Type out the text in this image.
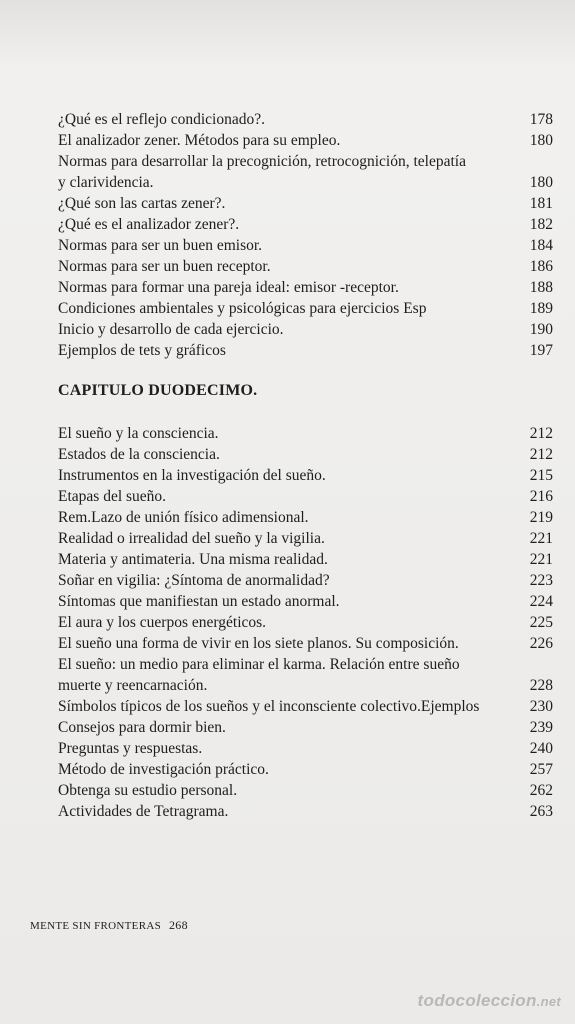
¿Qué es el reflejo condicionado?.	178
El analizador zener. Métodos para su empleo.	180
Normas para desarrollar la precognición, retrocognición, telepatía
y clarividencia.	180
¿Qué son las cartas zener?.	181
¿Qué es el analizador zener?.	182
Normas para ser un buen emisor.	184
Normas para ser un buen receptor.	186
Normas para formar una pareja ideal: emisor -receptor.	188
Condiciones ambientales y psicológicas para ejercicios Esp	189
Inicio y desarrollo de cada ejercicio.	190
Ejemplos de tets y gráficos	197
CAPITULO DUODECIMO.
El sueño y la consciencia.	212
Estados de la consciencia.	212
Instrumentos en la investigación del sueño.	215
Etapas del sueño.	216
Rem.Lazo de unión físico adimensional.	219
Realidad o irrealidad del sueño y la vigilia.	221
Materia y antimateria. Una misma realidad.	221
Soñar en vigilia: ¿Síntoma de anormalidad?	223
Síntomas que manifiestan un estado anormal.	224
El aura y los cuerpos energéticos.	225
El sueño una forma de vivir en los siete planos. Su composición.	226
El sueño: un medio para eliminar el karma. Relación entre sueño
muerte y reencarnación.	228
Símbolos típicos de los sueños y el inconsciente colectivo.Ejemplos	230
Consejos para dormir bien.	239
Preguntas y respuestas.	240
Método de investigación práctico.	257
Obtenga su estudio personal.	262
Actividades de Tetragrama.	263
MENTE SIN FRONTERAS 268
todocoleccion.net
